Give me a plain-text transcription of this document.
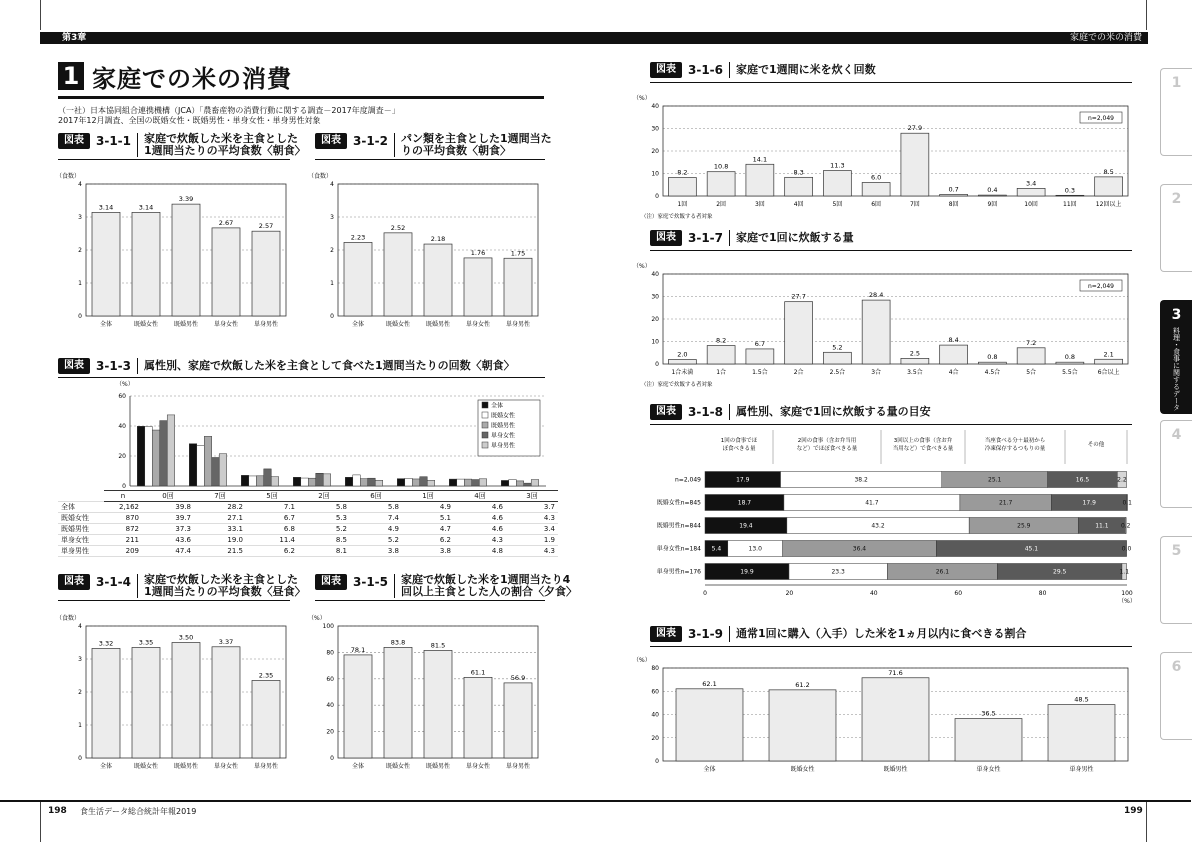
第3章	家庭での米の消費
1 家庭での米の消費
（一社）日本協同組合連携機構（JCA）「農畜産物の消費行動に関する調査－2017年度調査－」
2017年12月調査、全国の既婚女性・既婚男性・単身女性・単身男性対象
図表	3-1-1 家庭で炊飯した米を主食とした
1週間当たりの平均食数〈朝食〉
図表	3-1-2 パン類を主食とした1週間当た
りの平均食数〈朝食〉
図表	3-1-3 属性別、家庭で炊飯した米を主食として食べた1週間当たりの回数〈朝食〉
図表	3-1-4 家庭で炊飯した米を主食とした
1週間当たりの平均食数〈昼食〉
図表	3-1-5 家庭で炊飯した米を1週間当たり4
回以上主食とした人の割合〈夕食〉
図表	3-1-6 家庭で1週間に米を炊く回数
図表	3-1-7 家庭で1回に炊飯する量
図表	3-1-8 属性別、家庭で1回に炊飯する量の目安
図表	3-1-9 通常1回に購入（入手）した米を1ヵ月以内に食べきる割合
（食数）
0
1
2
3
4
3.14
全体
3.14
既婚女性
3.39
既婚男性
2.67
単身女性
2.57
単身男性
（食数）
0
1
2
3
4
2.23
全体
2.52
既婚女性
2.18
既婚男性
1.76
単身女性
1.75
単身男性
（%）
0
20
40
60
全体
既婚女性
既婚男性
単身女性
単身男性
	n	0回	7回	5回	2回	6回	1回	4回	3回
全体	2,162	39.8	28.2	7.1	5.8	5.8	4.9	4.6	3.7
既婚女性	870	39.7	27.1	6.7	5.3	7.4	5.1	4.6	4.3
既婚男性	872	37.3	33.1	6.8	5.2	4.9	4.7	4.6	3.4
単身女性	211	43.6	19.0	11.4	8.5	5.2	6.2	4.3	1.9
単身男性	209	47.4	21.5	6.2	8.1	3.8	3.8	4.8	4.3
（食数）
0
1
2
3
4
3.32
全体
3.35
既婚女性
3.50
既婚男性
3.37
単身女性
2.35
単身男性
（%）
0
20
40
60
80
100
78.1
全体
83.8
既婚女性
81.5
既婚男性
61.1
単身女性
56.9
単身男性
（%）
0
10
20
30
40
8.2
1回
10.8
2回
14.1
3回
8.3
4回
11.3
5回
6.0
6回
27.9
7回
0.7
8回
0.4
9回
3.4
10回
0.3
11回
8.5
12回以上
n=2,049
（注）家庭で炊飯する者対象
（%）
0
10
20
30
40
2.0
1合未満
8.2
1合
6.7
1.5合
27.7
2合
5.2
2.5合
28.4
3合
2.5
3.5合
8.4
4合
0.8
4.5合
7.2
5合
0.8
5.5合
2.1
6合以上
n=2,049
（注）家庭で炊飯する者対象
1回の食事でほ
ぼ食べきる量
2回の食事（含お弁当用
など）でほぼ食べきる量
3回以上の食事（含お弁
当用など）で食べきる量
当座食べる分＋最初から
冷凍保存するつもりの量
その他
0	20	40	60	80	100
（%）
n=2,049	17.9	38.2	25.1	16.5	2.2
既婚女性n=845	18.7	41.7	21.7	17.9	0.1
既婚男性n=844	19.4	43.2	25.9	11.1 0.2
単身女性n=184 5.4	13.0	36.4	45.1	0.0
単身男性n=176	19.9	23.3	26.1	29.5	1.1
（%）
0
20
40
60
80
62.1
全体
61.2
既婚女性
71.6
既婚男性
36.5
単身女性
48.5
単身男性
1
2
3
料理・食事に関するデータ
4
5
6
198 食生活データ総合統計年報2019	199
